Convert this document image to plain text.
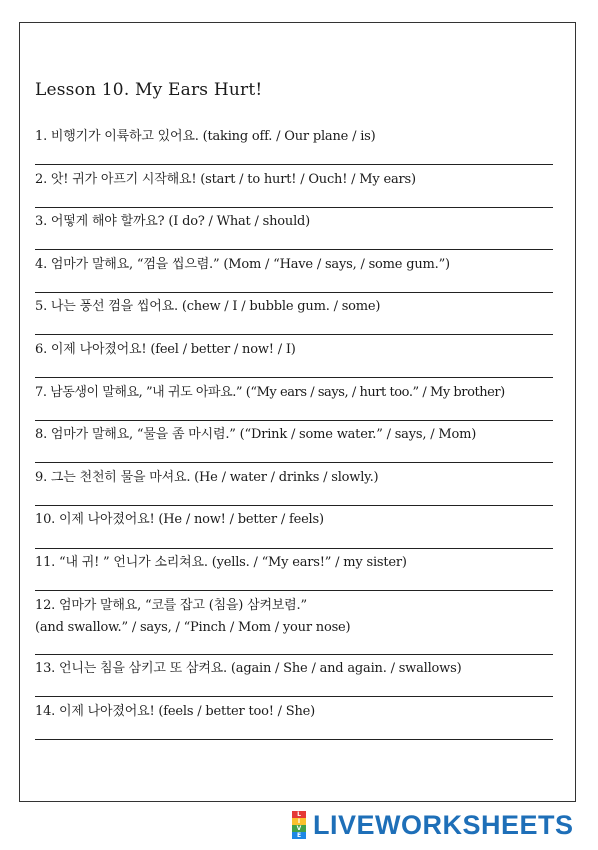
Lesson 10. My Ears Hurt!
1. 비행기가 이륙하고 있어요. (taking off. / Our plane / is)
2. 앗! 귀가 아프기 시작해요! (start / to hurt! / Ouch! / My ears)
3. 어떻게 해야 할까요? (I do? / What / should)
4. 엄마가 말해요, “껌을 씹으렴.” (Mom / “Have / says, / some gum.”)
5. 나는 풍선 껌을 씹어요. (chew / I / bubble gum. / some)
6. 이제 나아졌어요! (feel / better / now! / I)
7. 남동생이 말해요, ”내 귀도 아파요.” (“My ears / says, / hurt too.” / My brother)
8. 엄마가 말해요, “물을 좀 마시렴.” (“Drink / some water.” / says, / Mom)
9. 그는 천천히 물을 마셔요. (He / water / drinks / slowly.)
10. 이제 나아졌어요! (He / now! / better / feels)
11. “내 귀! ” 언니가 소리쳐요. (yells. / “My ears!” / my sister)
12. 엄마가 말해요, “코를 잡고 (침을) 삼켜보렴.”
(and swallow.” / says, / “Pinch / Mom / your nose)
13. 언니는 침을 삼키고 또 삼켜요. (again / She / and again. / swallows)
14. 이제 나아졌어요! (feels / better too! / She)
L
I
V
E LIVEWORKSHEETS
